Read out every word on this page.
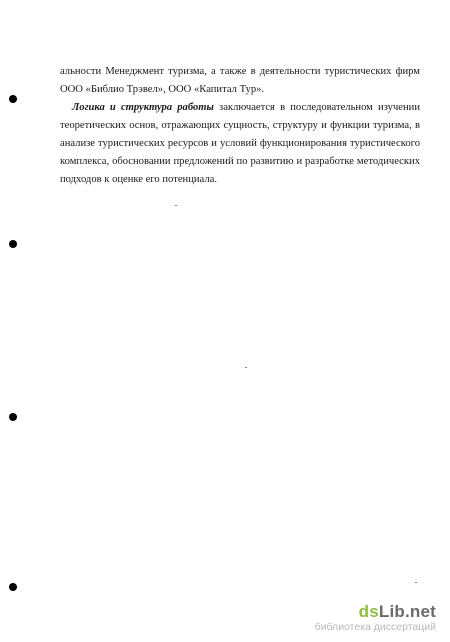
альности Менеджмент туризма, а также в деятельности туристических фирм
ООО «Библио Трэвел», ООО «Капитал Тур».

Логика и структура работы заключается в последовательном изучении
теоретических основ, отражающих сущность, структуру и функции туризма, в
анализе туристических ресурсов и условий функционирования туристического
комплекса, обосновании предложений по развитию и разработке методических
подходов к оценке его потенциала.

dsLib.net
библиотека диссертаций
